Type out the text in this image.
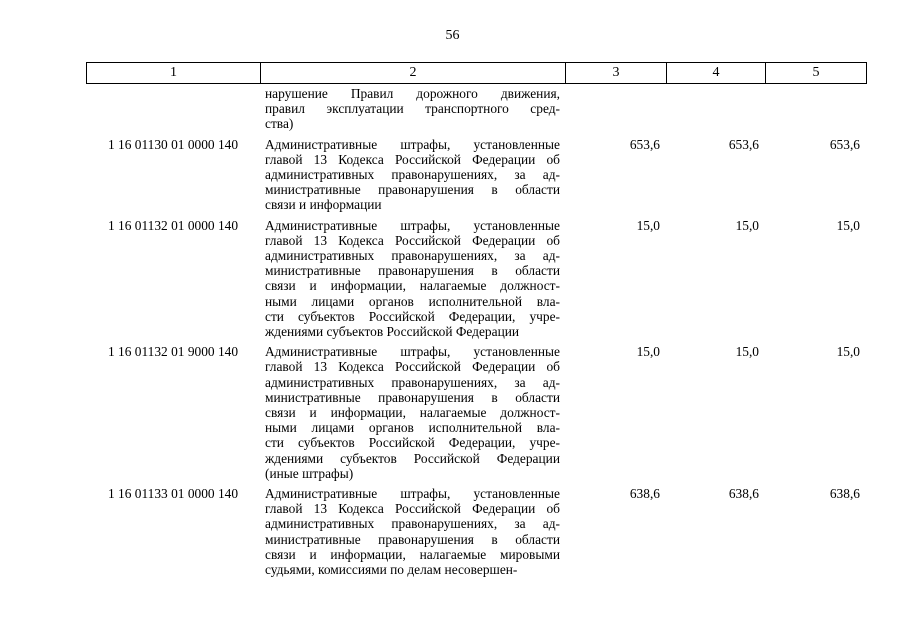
56
1	2	3	4	5
нарушение Правил дорожного движения,
правил эксплуатации транспортного сред-
ства)
1 16 01130 01 0000 140	Административные штрафы, установленные
главой 13 Кодекса Российской Федерации об
административных правонарушениях, за ад-
министративные правонарушения в области
связи и информации
653,6	653,6	653,6
1 16 01132 01 0000 140	Административные штрафы, установленные
главой 13 Кодекса Российской Федерации об
административных правонарушениях, за ад-
министративные правонарушения в области
связи и информации, налагаемые должност-
ными лицами органов исполнительной вла-
сти субъектов Российской Федерации, учре-
ждениями субъектов Российской Федерации
15,0	15,0	15,0
1 16 01132 01 9000 140	Административные штрафы, установленные
главой 13 Кодекса Российской Федерации об
административных правонарушениях, за ад-
министративные правонарушения в области
связи и информации, налагаемые должност-
ными лицами органов исполнительной вла-
сти субъектов Российской Федерации, учре-
ждениями субъектов Российской Федерации
(иные штрафы)
15,0	15,0	15,0
1 16 01133 01 0000 140	Административные штрафы, установленные
главой 13 Кодекса Российской Федерации об
административных правонарушениях, за ад-
министративные правонарушения в области
связи и информации, налагаемые мировыми
судьями, комиссиями по делам несовершен-
638,6	638,6	638,6
